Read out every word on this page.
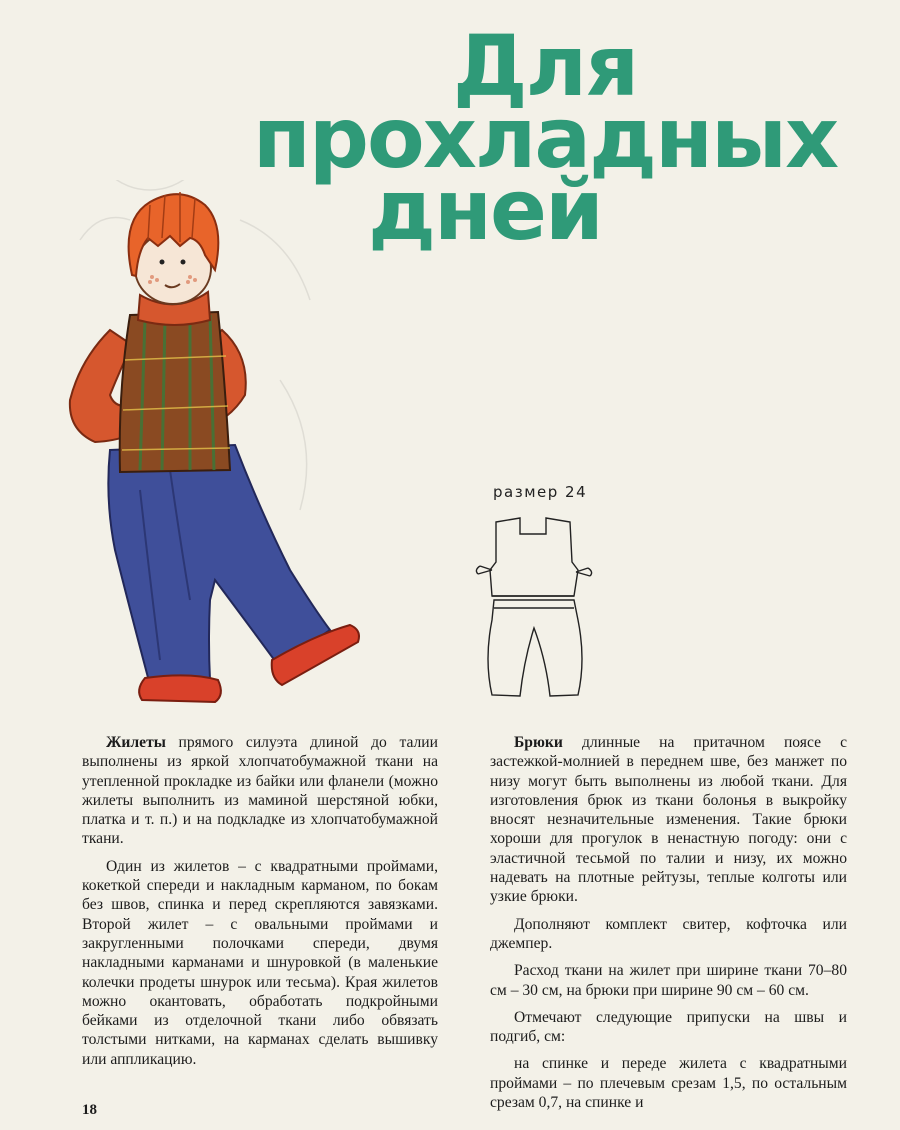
Для прохладных
дней
размер 24

Жилеты прямого силуэта длиной до талии выполнены из яркой хлопчатобумажной ткани на утепленной прокладке из байки или фланели (можно жилеты выполнить из маминой шерстяной юбки, платка и т. п.) и на подкладке из хлопчатобумажной ткани.

Один из жилетов – с квадратными проймами, кокеткой спереди и накладным карманом, по бокам без швов, спинка и перед скрепляются завязками. Второй жилет – с овальными проймами и закругленными полочками спереди, двумя накладными карманами и шнуровкой (в маленькие колечки продеты шнурок или тесьма). Края жилетов можно окантовать, обработать подкройными бейками из отделочной ткани либо обвязать толстыми нитками, на карманах сделать вышивку или аппликацию.

Брюки длинные на притачном поясе с застежкой-молнией в переднем шве, без манжет по низу могут быть выполнены из любой ткани. Для изготовления брюк из ткани болонья в выкройку вносят незначительные изменения. Такие брюки хороши для прогулок в ненастную погоду: они с эластичной тесьмой по талии и низу, их можно надевать на плотные рейтузы, теплые колготы или узкие брюки.

Дополняют комплект свитер, кофточка или джемпер.

Расход ткани на жилет при ширине ткани 70–80 см – 30 см, на брюки при ширине 90 см – 60 см.

Отмечают следующие припуски на швы и подгиб, см:

на спинке и переде жилета с квадратными проймами – по плечевым срезам 1,5, по остальным срезам 0,7, на спинке и

18
